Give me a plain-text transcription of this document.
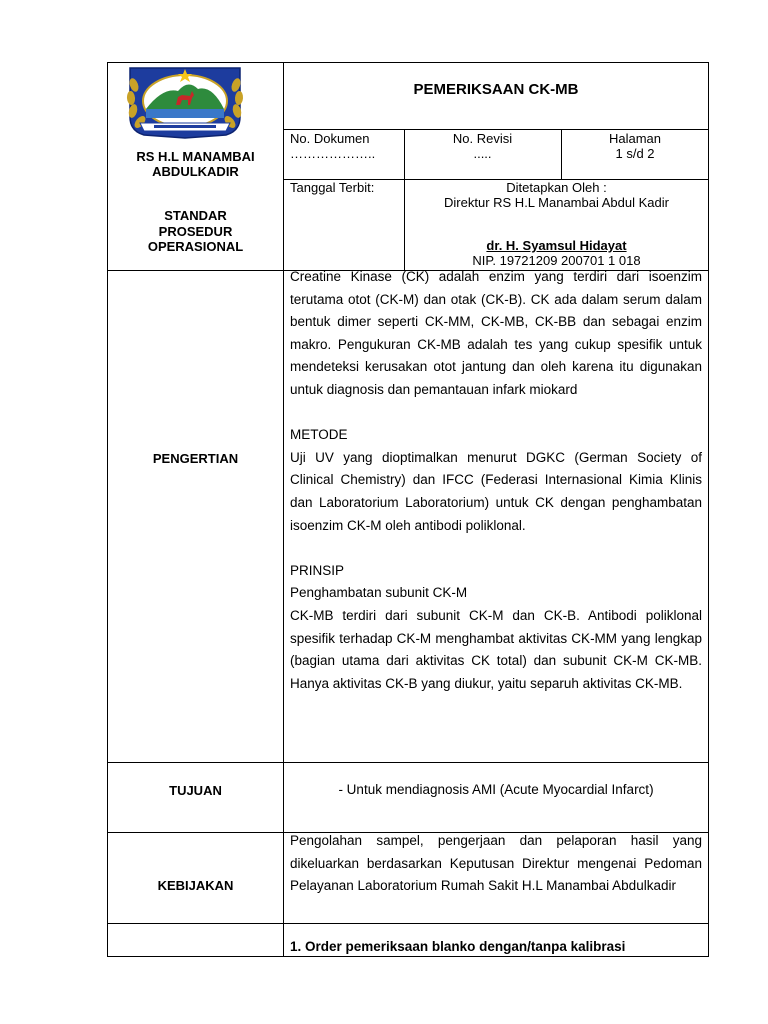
RS H.L MANAMBAI
ABDULKADIR
PEMERIKSAAN CK-MB
No. Dokumen
………………..
No. Revisi
.....
Halaman
1 s/d 2
STANDAR
PROSEDUR
OPERASIONAL
Tanggal Terbit:	Ditetapkan Oleh :
Direktur RS H.L Manambai Abdul Kadir
dr. H. Syamsul Hidayat
NIP. 19721209 200701 1 018
PENGERTIAN

Creatine Kinase (CK) adalah enzim yang terdiri dari isoenzim terutama otot (CK-M) dan otak (CK-B). CK ada dalam serum dalam bentuk dimer seperti CK-MM, CK-MB, CK-BB dan sebagai enzim makro. Pengukuran CK-MB adalah tes yang cukup spesifik untuk mendeteksi kerusakan otot jantung dan oleh karena itu digunakan untuk diagnosis dan pemantauan infark miokard

METODE

Uji UV yang dioptimalkan menurut DGKC (German Society of Clinical Chemistry) dan IFCC (Federasi Internasional Kimia Klinis dan Laboratorium Laboratorium) untuk CK dengan penghambatan isoenzim CK-M oleh antibodi poliklonal.

PRINSIP

Penghambatan subunit CK-M

CK-MB terdiri dari subunit CK-M dan CK-B. Antibodi poliklonal spesifik terhadap CK-M menghambat aktivitas CK-MM yang lengkap (bagian utama dari aktivitas CK total) dan subunit CK-M CK-MB. Hanya aktivitas CK-B yang diukur, yaitu separuh aktivitas CK-MB.

TUJUAN	- Untuk mendiagnosis AMI (Acute Myocardial Infarct)
KEBIJAKAN

Pengolahan sampel, pengerjaan dan pelaporan hasil yang dikeluarkan berdasarkan Keputusan Direktur mengenai Pedoman Pelayanan Laboratorium Rumah Sakit H.L Manambai Abdulkadir

1. Order pemeriksaan blanko dengan/tanpa kalibrasi
